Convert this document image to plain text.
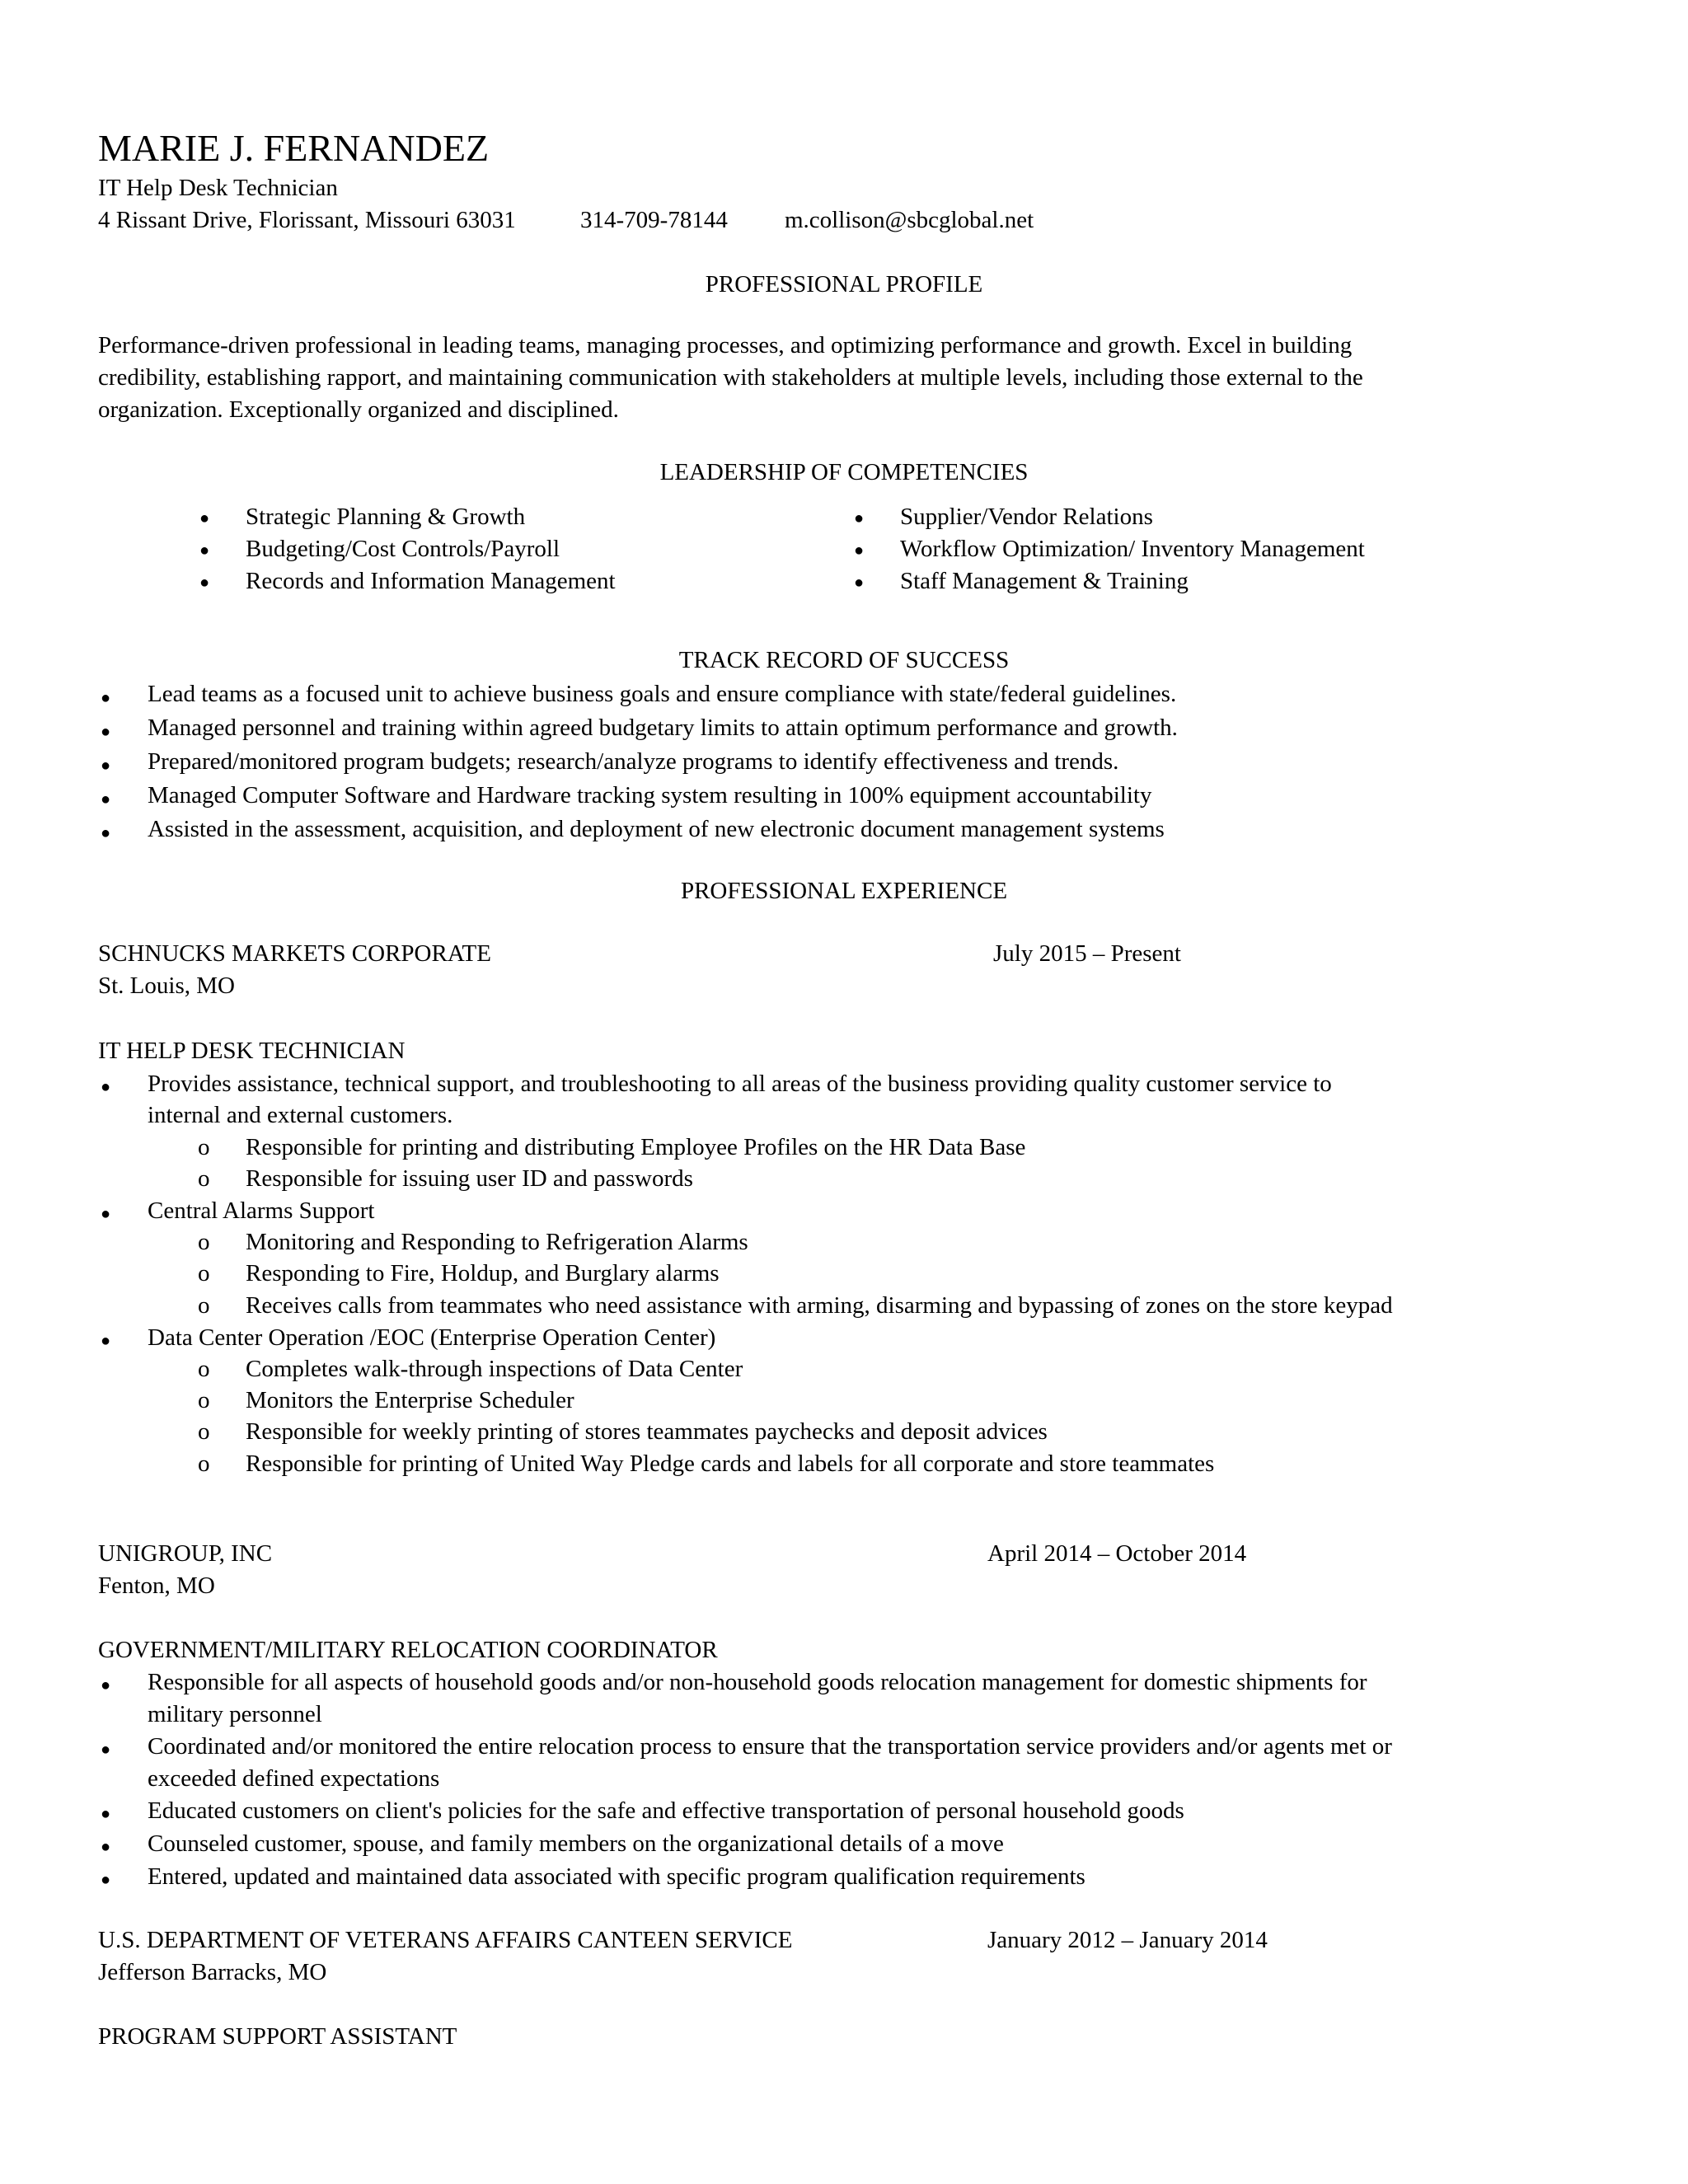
MARIE J. FERNANDEZ
IT Help Desk Technician
4 Rissant Drive, Florissant, Missouri 63031	314-709-78144 m.collison@sbcglobal.net
PROFESSIONAL PROFILE
Performance-driven professional in leading teams, managing processes, and optimizing performance and growth. Excel in building
credibility, establishing rapport, and maintaining communication with stakeholders at multiple levels, including those external to the
organization. Exceptionally organized and disciplined.
LEADERSHIP OF COMPETENCIES
● Strategic Planning & Growth
● Budgeting/Cost Controls/Payroll
● Records and Information Management
● Supplier/Vendor Relations
● Workflow Optimization/ Inventory Management
● Staff Management & Training
TRACK RECORD OF SUCCESS
● Lead teams as a focused unit to achieve business goals and ensure compliance with state/federal guidelines.
● Managed personnel and training within agreed budgetary limits to attain optimum performance and growth.
● Prepared/monitored program budgets; research/analyze programs to identify effectiveness and trends.
● Managed Computer Software and Hardware tracking system resulting in 100% equipment accountability
● Assisted in the assessment, acquisition, and deployment of new electronic document management systems
PROFESSIONAL EXPERIENCE
SCHNUCKS MARKETS CORPORATE	July 2015 – Present
St. Louis, MO
IT HELP DESK TECHNICIAN
● Provides assistance, technical support, and troubleshooting to all areas of the business providing quality customer service to
internal and external customers.
o Responsible for printing and distributing Employee Profiles on the HR Data Base
o Responsible for issuing user ID and passwords
● Central Alarms Support
o Monitoring and Responding to Refrigeration Alarms
o Responding to Fire, Holdup, and Burglary alarms
o Receives calls from teammates who need assistance with arming, disarming and bypassing of zones on the store keypad
● Data Center Operation /EOC (Enterprise Operation Center)
o Completes walk-through inspections of Data Center
o Monitors the Enterprise Scheduler
o Responsible for weekly printing of stores teammates paychecks and deposit advices
o Responsible for printing of United Way Pledge cards and labels for all corporate and store teammates
UNIGROUP, INC	April 2014 – October 2014
Fenton, MO
GOVERNMENT/MILITARY RELOCATION COORDINATOR
● Responsible for all aspects of household goods and/or non-household goods relocation management for domestic shipments for
military personnel
● Coordinated and/or monitored the entire relocation process to ensure that the transportation service providers and/or agents met or
exceeded defined expectations
● Educated customers on client's policies for the safe and effective transportation of personal household goods
● Counseled customer, spouse, and family members on the organizational details of a move
● Entered, updated and maintained data associated with specific program qualification requirements
U.S. DEPARTMENT OF VETERANS AFFAIRS CANTEEN SERVICE	January 2012 – January 2014
Jefferson Barracks, MO
PROGRAM SUPPORT ASSISTANT
